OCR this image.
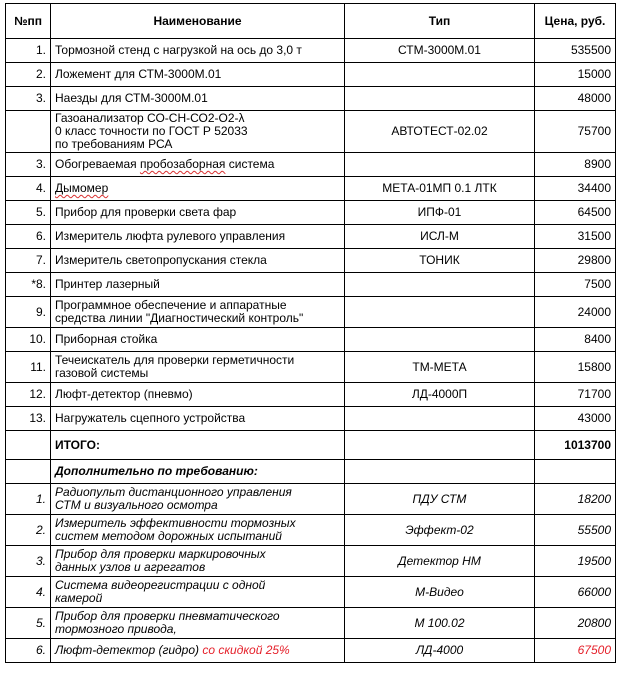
№пп	Наименование	Тип	Цена, руб.
1.	Тормозной стенд с нагрузкой на ось до 3,0 т	СТМ-3000М.01	535500
2.	Ложемент для СТМ-3000М.01		15000
3.	Наезды для СТМ-3000М.01		48000

	Газоанализатор СО-СН-СО2-О2-λ
0 класс точности по ГОСТ Р 52033
по требованиям РСА	АВТОТЕСТ-02.02	75700
3.	Обогреваемая пробозаборная система		8900
4.	Дымомер	МЕТА-01МП 0.1 ЛТК	34400
5.	Прибор для проверки света фар	ИПФ-01	64500
6.	Измеритель люфта рулевого управления	ИСЛ-М	31500
7.	Измеритель светопропускания стекла	ТОНИК	29800
*8.	Принтер лазерный		7500
9.	Программное обеспечение и аппаратные
средства линии "Диагностический контроль"		24000
10.	Приборная стойка		8400
11.	Течеискатель для проверки герметичности
газовой системы	ТМ-МЕТА	15800
12.	Люфт-детектор (пневмо)	ЛД-4000П	71700
13.	Нагружатель сцепного устройства		43000
	ИТОГО:		1013700
	Дополнительно по требованию:		
1.	Радиопульт дистанционного управления
СТМ и визуального осмотра	ПДУ СТМ	18200
2.	Измеритель эффективности тормозных
систем методом дорожных испытаний	Эффект-02	55500
3.	Прибор для проверки маркировочных
данных узлов и агрегатов	Детектор НМ	19500
4.	Система видеорегистрации с одной
камерой	М-Видео	66000
5.	Прибор для проверки пневматического
тормозного привода,	М 100.02	20800
6.	Люфт-детектор (гидро) со скидкой 25%	ЛД-4000	67500
